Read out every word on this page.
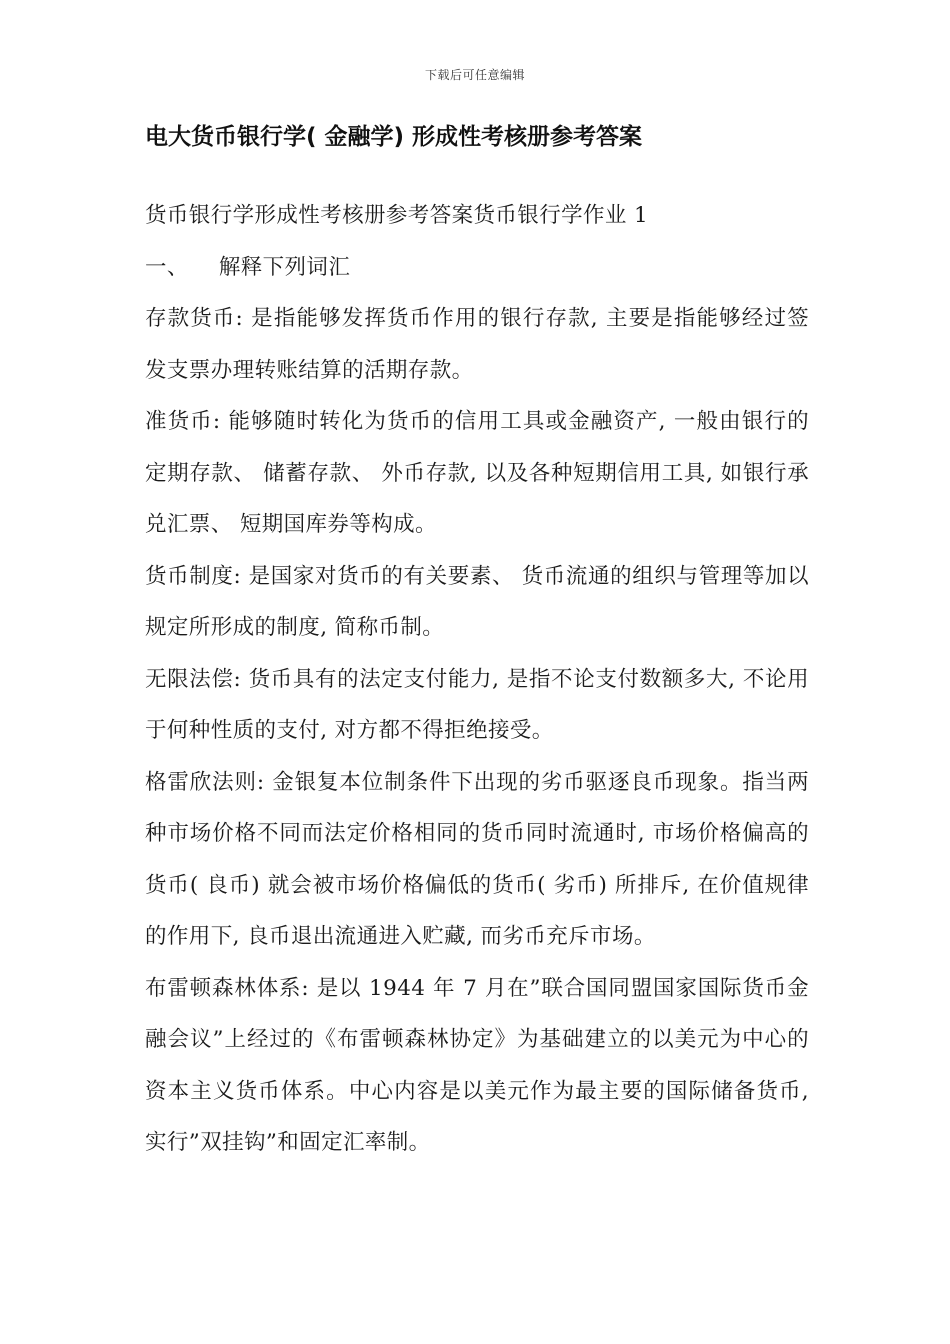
下载后可任意编辑
电大货币银行学( 金融学) 形成性考核册参考答案

货币银行学形成性考核册参考答案货币银行学作业 1

一、 解释下列词汇

存款货币: 是指能够发挥货币作用的银行存款, 主要是指能够经过签发支票办理转账结算的活期存款。

准货币: 能够随时转化为货币的信用工具或金融资产, 一般由银行的定期存款、 储蓄存款、 外币存款, 以及各种短期信用工具, 如银行承兑汇票、 短期国库券等构成。

货币制度: 是国家对货币的有关要素、 货币流通的组织与管理等加以规定所形成的制度, 简称币制。

无限法偿: 货币具有的法定支付能力, 是指不论支付数额多大, 不论用于何种性质的支付, 对方都不得拒绝接受。

格雷欣法则: 金银复本位制条件下出现的劣币驱逐良币现象。指当两种市场价格不同而法定价格相同的货币同时流通时, 市场价格偏高的货币( 良币) 就会被市场价格偏低的货币( 劣币) 所排斥, 在价值规律的作用下, 良币退出流通进入贮藏, 而劣币充斥市场。

布雷顿森林体系: 是以 1944 年 7 月在”联合国同盟国家国际货币金融会议”上经过的《布雷顿森林协定》为基础建立的以美元为中心的资本主义货币体系。中心内容是以美元作为最主要的国际储备货币, 实行”双挂钩”和固定汇率制。
